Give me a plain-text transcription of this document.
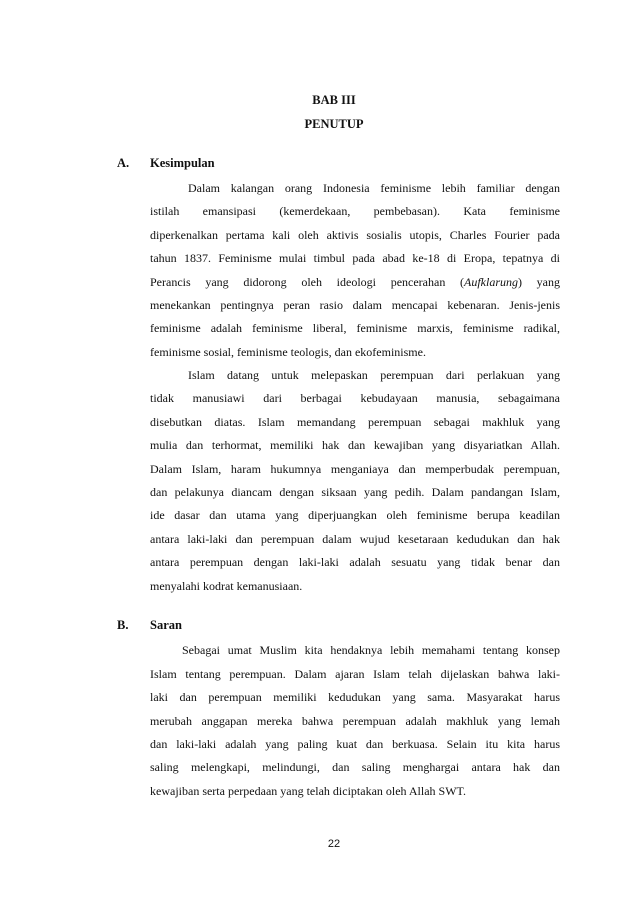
BAB III
PENUTUP
A. Kesimpulan
Dalam kalangan orang Indonesia feminisme lebih familiar dengan
istilah emansipasi (kemerdekaan, pembebasan). Kata feminisme
diperkenalkan pertama kali oleh aktivis sosialis utopis, Charles Fourier pada
tahun 1837. Feminisme mulai timbul pada abad ke-18 di Eropa, tepatnya di
Perancis yang didorong oleh ideologi pencerahan (Aufklarung) yang
menekankan pentingnya peran rasio dalam mencapai kebenaran. Jenis-jenis
feminisme adalah feminisme liberal, feminisme marxis, feminisme radikal,
feminisme sosial, feminisme teologis, dan ekofeminisme.
Islam datang untuk melepaskan perempuan dari perlakuan yang
tidak manusiawi dari berbagai kebudayaan manusia, sebagaimana
disebutkan diatas. Islam memandang perempuan sebagai makhluk yang
mulia dan terhormat, memiliki hak dan kewajiban yang disyariatkan Allah.
Dalam Islam, haram hukumnya menganiaya dan memperbudak perempuan,
dan pelakunya diancam dengan siksaan yang pedih. Dalam pandangan Islam,
ide dasar dan utama yang diperjuangkan oleh feminisme berupa keadilan
antara laki-laki dan perempuan dalam wujud kesetaraan kedudukan dan hak
antara perempuan dengan laki-laki adalah sesuatu yang tidak benar dan
menyalahi kodrat kemanusiaan.
B. Saran
Sebagai umat Muslim kita hendaknya lebih memahami tentang konsep
Islam tentang perempuan. Dalam ajaran Islam telah dijelaskan bahwa laki-
laki dan perempuan memiliki kedudukan yang sama. Masyarakat harus
merubah anggapan mereka bahwa perempuan adalah makhluk yang lemah
dan laki-laki adalah yang paling kuat dan berkuasa. Selain itu kita harus
saling melengkapi, melindungi, dan saling menghargai antara hak dan
kewajiban serta perpedaan yang telah diciptakan oleh Allah SWT.
22
